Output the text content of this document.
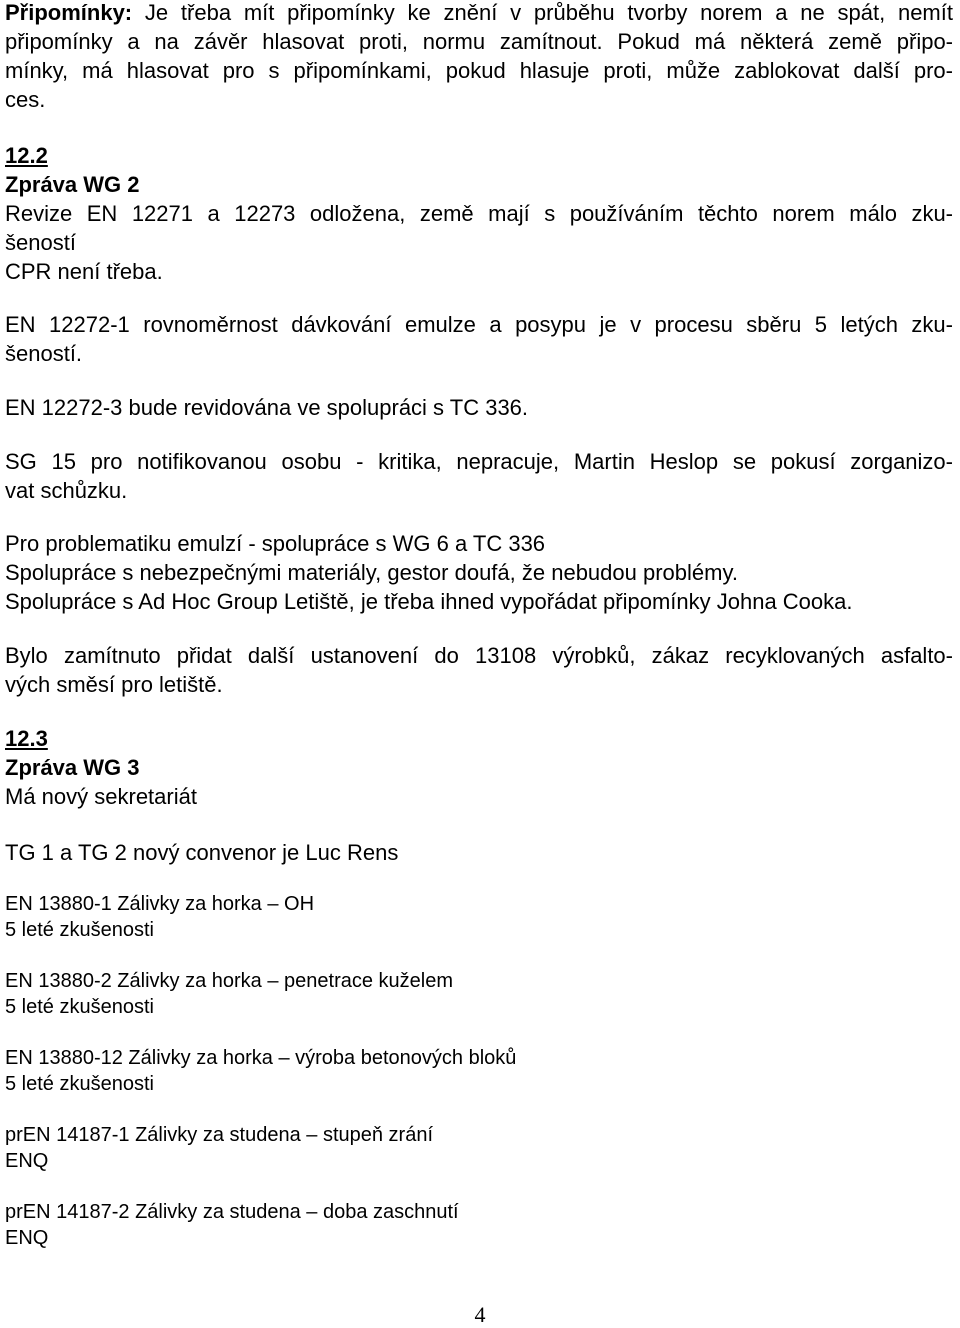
Připomínky: Je třeba mít připomínky ke znění v průběhu tvorby norem a ne spát, nemít
připomínky a na závěr hlasovat proti, normu zamítnout. Pokud má některá země připo-
mínky, má hlasovat pro s připomínkami, pokud hlasuje proti, může zablokovat další pro-
ces.
12.2
Zpráva WG 2
Revize EN 12271 a 12273 odložena, země mají s používáním těchto norem málo zku-
šeností
CPR není třeba.
EN 12272-1 rovnoměrnost dávkování emulze a posypu je v procesu sběru 5 letých zku-
šeností.
EN 12272-3 bude revidována ve spolupráci s TC 336.
SG 15 pro notifikovanou osobu - kritika, nepracuje, Martin Heslop se pokusí zorganizo-
vat schůzku.
Pro problematiku emulzí - spolupráce s WG 6 a TC 336
Spolupráce s nebezpečnými materiály, gestor doufá, že nebudou problémy.
Spolupráce s Ad Hoc Group Letiště, je třeba ihned vypořádat připomínky Johna Cooka.
Bylo zamítnuto přidat další ustanovení do 13108 výrobků, zákaz recyklovaných asfalto-
vých směsí pro letiště.
12.3
Zpráva WG 3
Má nový sekretariát
TG 1 a TG 2 nový convenor je Luc Rens
EN 13880-1 Zálivky za horka – OH
5 leté zkušenosti
EN 13880-2 Zálivky za horka – penetrace kuželem
5 leté zkušenosti
EN 13880-12 Zálivky za horka – výroba betonových bloků
5 leté zkušenosti
prEN 14187-1 Zálivky za studena – stupeň zrání
ENQ
prEN 14187-2 Zálivky za studena – doba zaschnutí
ENQ
4
